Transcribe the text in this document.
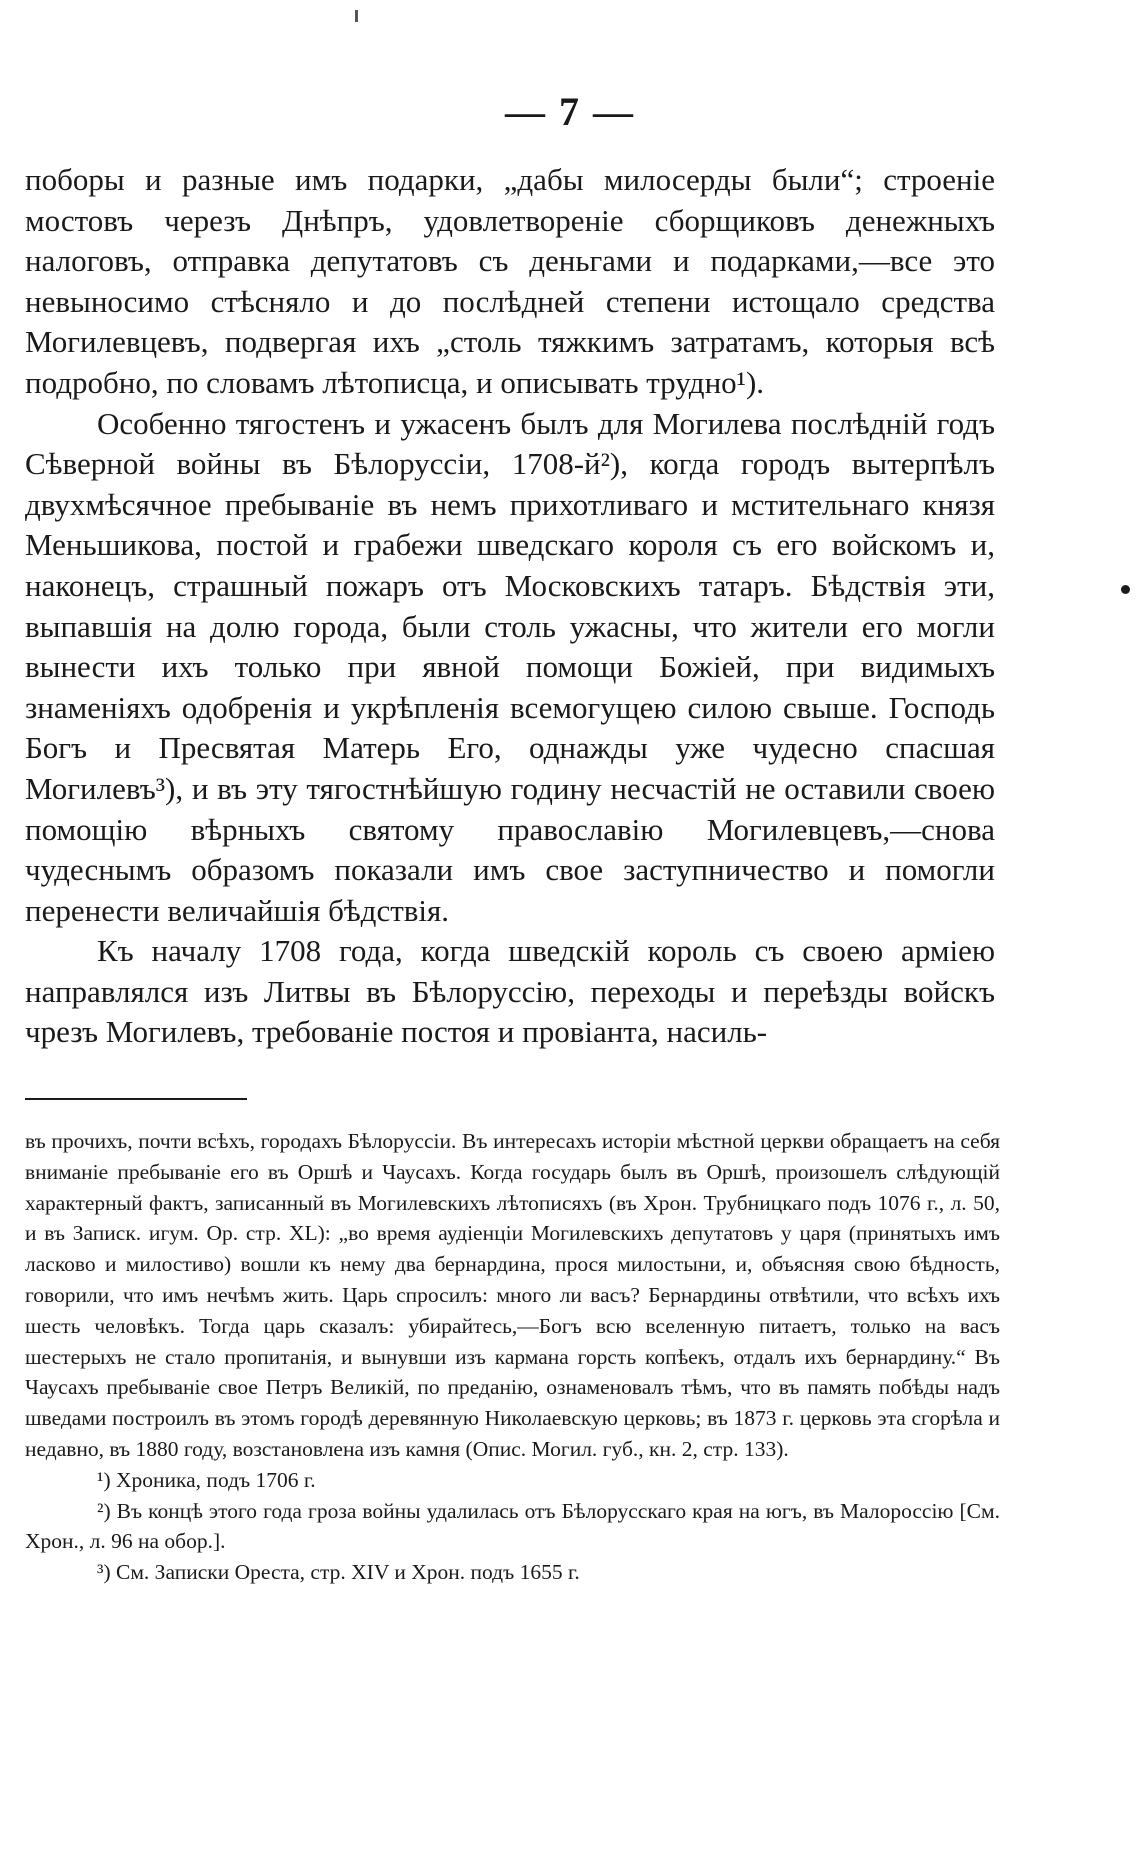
— 7 —

поборы и разные имъ подарки, „дабы милосерды были“; строеніе мостовъ черезъ Днѣпръ, удовлетвореніе сборщиковъ денежныхъ налоговъ, отправка депутатовъ съ деньгами и подарками,—все это невыносимо стѣсняло и до послѣдней степени истощало средства Могилевцевъ, подвергая ихъ „столь тяжкимъ затратамъ, которыя всѣ подробно, по словамъ лѣтописца, и описывать трудно¹).

Особенно тягостенъ и ужасенъ былъ для Могилева послѣдній годъ Сѣверной войны въ Бѣлоруссіи, 1708-й²), когда городъ вытерпѣлъ двухмѣсячное пребываніе въ немъ прихотливаго и мстительнаго князя Меньшикова, постой и грабежи шведскаго короля съ его войскомъ и, наконецъ, страшный пожаръ отъ Московскихъ татаръ. Бѣдствія эти, выпавшія на долю города, были столь ужасны, что жители его могли вынести ихъ только при явной помощи Божіей, при видимыхъ знаменіяхъ одобренія и укрѣпленія всемогущею силою свыше. Господь Богъ и Пресвятая Матерь Его, однажды уже чудесно спасшая Могилевъ³), и въ эту тягостнѣйшую годину несчастій не оставили своею помощію вѣрныхъ святому православію Могилевцевъ,—снова чудеснымъ образомъ показали имъ свое заступничество и помогли перенести величайшія бѣдствія.

Къ началу 1708 года, когда шведскій король съ своею арміею направлялся изъ Литвы въ Бѣлоруссію, переходы и переѣзды войскъ чрезъ Могилевъ, требованіе постоя и провіанта, насиль-

въ прочихъ, почти всѣхъ, городахъ Бѣлоруссіи. Въ интересахъ исторіи мѣстной церкви обращаетъ на себя вниманіе пребываніе его въ Оршѣ и Чаусахъ. Когда государь былъ въ Оршѣ, произошелъ слѣдующій характерный фактъ, записанный въ Могилевскихъ лѣтописяхъ (въ Хрон. Трубницкаго подъ 1076 г., л. 50, и въ Записк. игум. Ор. стр. XL): „во время аудіенціи Могилевскихъ депутатовъ у царя (принятыхъ имъ ласково и милостиво) вошли къ нему два бернардина, прося милостыни, и, объясняя свою бѣдность, говорили, что имъ нечѣмъ жить. Царь спросилъ: много ли васъ? Бернардины отвѣтили, что всѣхъ ихъ шесть человѣкъ. Тогда царь сказалъ: убирайтесь,—Богъ всю вселенную питаетъ, только на васъ шестерыхъ не стало пропитанія, и вынувши изъ кармана горсть копѣекъ, отдалъ ихъ бернардину.“ Въ Чаусахъ пребываніе свое Петръ Великій, по преданію, ознаменовалъ тѣмъ, что въ память побѣды надъ шведами построилъ въ этомъ городѣ деревянную Николаевскую церковь; въ 1873 г. церковь эта сгорѣла и недавно, въ 1880 году, возстановлена изъ камня (Опис. Могил. губ., кн. 2, стр. 133).

¹) Хроника, подъ 1706 г.

²) Въ концѣ этого года гроза войны удалилась отъ Бѣлорусскаго края на югъ, въ Малороссію [См. Хрон., л. 96 на обор.].

³) См. Записки Ореста, стр. XIV и Хрон. подъ 1655 г.
